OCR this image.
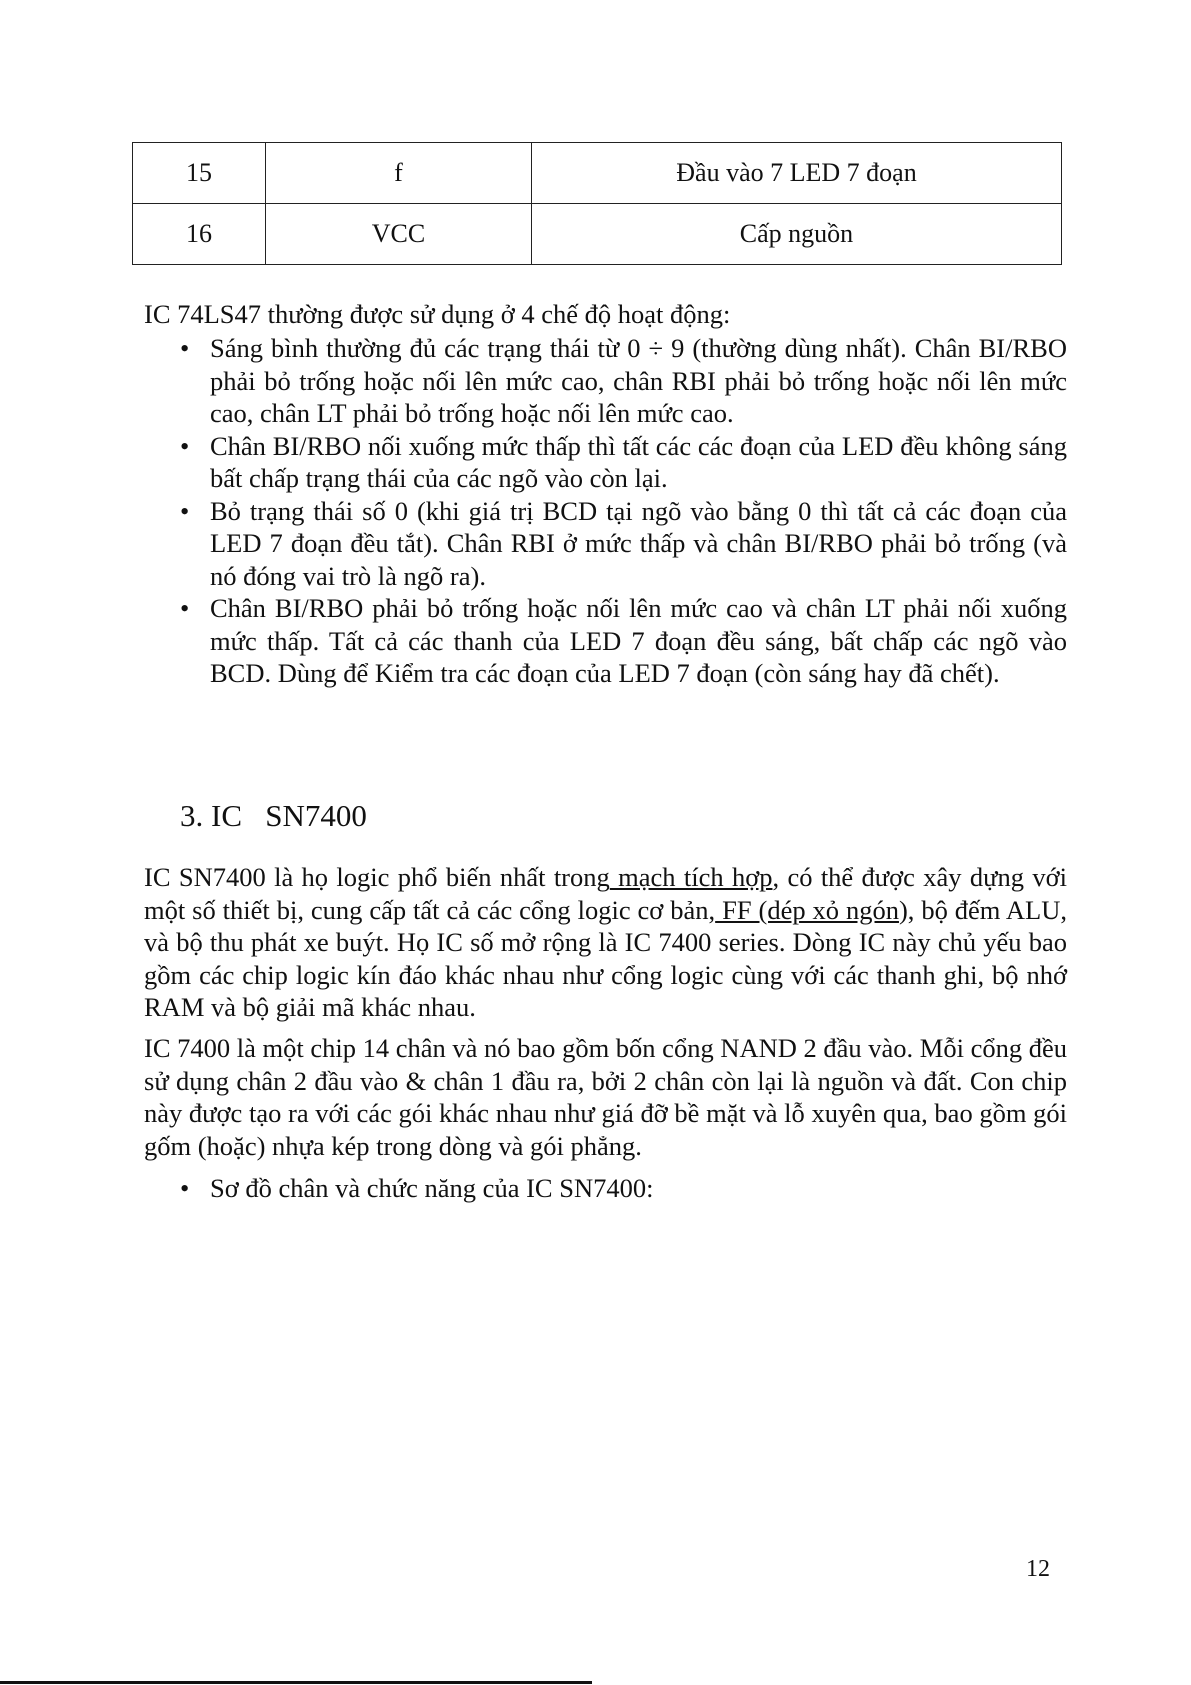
15	f	Đầu vào 7 LED 7 đoạn
16	VCC	Cấp nguồn

IC 74LS47 thường được sử dụng ở 4 chế độ hoạt động:

• Sáng bình thường đủ các trạng thái từ 0 ÷ 9 (thường dùng nhất). Chân BI/RBO phải bỏ trống hoặc nối lên mức cao, chân RBI phải bỏ trống hoặc nối lên mức cao, chân LT phải bỏ trống hoặc nối lên mức cao.
• Chân BI/RBO nối xuống mức thấp thì tất các các đoạn của LED đều không sáng bất chấp trạng thái của các ngõ vào còn lại.
• Bỏ trạng thái số 0 (khi giá trị BCD tại ngõ vào bằng 0 thì tất cả các đoạn của LED 7 đoạn đều tắt). Chân RBI ở mức thấp và chân BI/RBO phải bỏ trống (và nó đóng vai trò là ngõ ra).
• Chân BI/RBO phải bỏ trống hoặc nối lên mức cao và chân LT phải nối xuống mức thấp. Tất cả các thanh của LED 7 đoạn đều sáng, bất chấp các ngõ vào BCD. Dùng để Kiểm tra các đoạn của LED 7 đoạn (còn sáng hay đã chết).
3. IC   SN7400

IC SN7400 là họ logic phổ biến nhất trong mạch tích hợp, có thể được xây dựng với một số thiết bị, cung cấp tất cả các cổng logic cơ bản, FF (dép xỏ ngón), bộ đếm ALU, và bộ thu phát xe buýt. Họ IC số mở rộng là IC 7400 series. Dòng IC này chủ yếu bao gồm các chip logic kín đáo khác nhau như cổng logic cùng với các thanh ghi, bộ nhớ RAM và bộ giải mã khác nhau.

IC 7400 là một chip 14 chân và nó bao gồm bốn cổng NAND 2 đầu vào. Mỗi cổng đều sử dụng chân 2 đầu vào & chân 1 đầu ra, bởi 2 chân còn lại là nguồn và đất. Con chip này được tạo ra với các gói khác nhau như giá đỡ bề mặt và lỗ xuyên qua, bao gồm gói gốm (hoặc) nhựa kép trong dòng và gói phẳng.

• Sơ đồ chân và chức năng của IC SN7400:
12
